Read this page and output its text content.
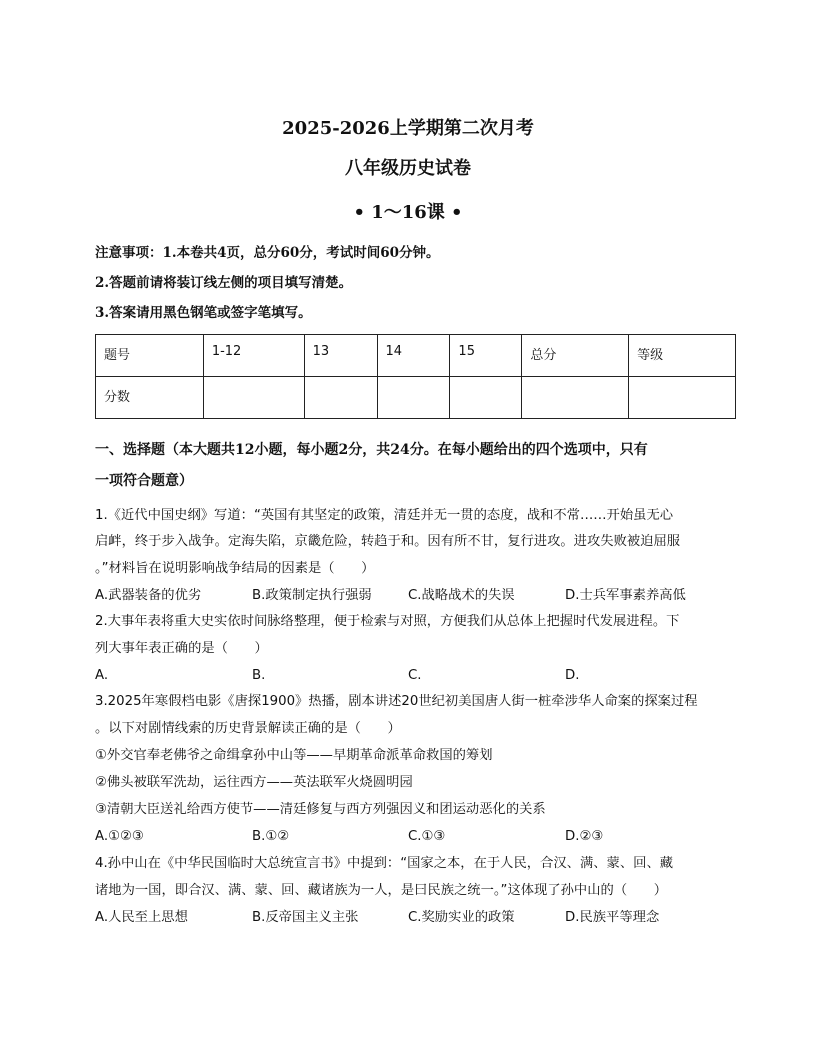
2025-2026上学期第二次月考
八年级历史试卷
• 1～16课 •
注意事项：1.本卷共4页，总分60分，考试时间60分钟。
2.答题前请将装订线左侧的项目填写清楚。
3.答案请用黑色钢笔或签字笔填写。
题号	1-12	13	14	15	总分	等级
分数						
一、选择题（本大题共12小题，每小题2分，共24分。在每小题给出的四个选项中，只有
一项符合题意）
1.《近代中国史纲》写道：“英国有其坚定的政策，清廷并无一贯的态度，战和不常……开始虽无心
启衅，终于步入战争。定海失陷，京畿危险，转趋于和。因有所不甘，复行进攻。进攻失败被迫屈服
。”材料旨在说明影响战争结局的因素是（　　）
A.武器装备的优劣	B.政策制定执行强弱	C.战略战术的失误	D.士兵军事素养高低
2.大事年表将重大史实依时间脉络整理，便于检索与对照，方便我们从总体上把握时代发展进程。下
列大事年表正确的是（　　）
A.	B.	C.	D.
3.2025年寒假档电影《唐探1900》热播，剧本讲述20世纪初美国唐人街一桩牵涉华人命案的探案过程
。以下对剧情线索的历史背景解读正确的是（　　）
①外交官奉老佛爷之命缉拿孙中山等——早期革命派革命救国的筹划
②佛头被联军洗劫，运往西方——英法联军火烧圆明园
③清朝大臣送礼给西方使节——清廷修复与西方列强因义和团运动恶化的关系
A.①②③	B.①②	C.①③	D.②③
4.孙中山在《中华民国临时大总统宣言书》中提到：“国家之本，在于人民，合汉、满、蒙、回、藏
诸地为一国，即合汉、满、蒙、回、藏诸族为一人，是曰民族之统一。”这体现了孙中山的（　　）
A.人民至上思想	B.反帝国主义主张	C.奖励实业的政策	D.民族平等理念
